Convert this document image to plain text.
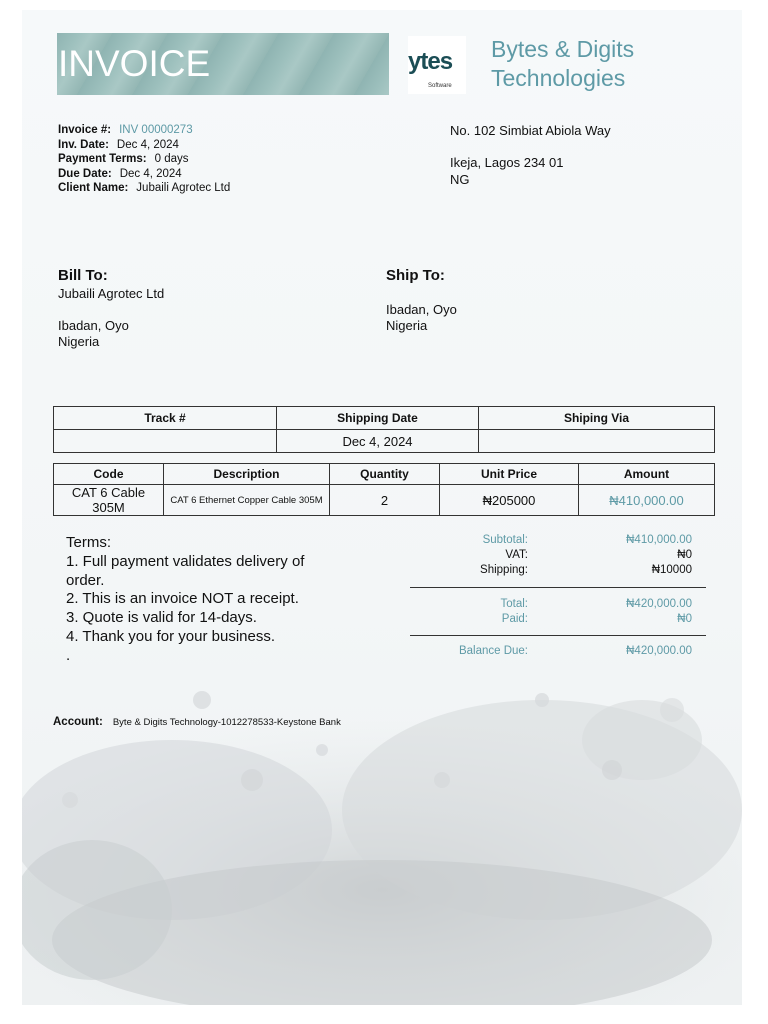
INVOICE	ytes
Software
Bytes & Digits
Technologies
Invoice #: INV 00000273
Inv. Date: Dec 4, 2024
Payment Terms: 0 days
Due Date: Dec 4, 2024
Client Name: Jubaili Agrotec Ltd
No. 102 Simbiat Abiola Way
Ikeja, Lagos 234 01
NG
Bill To:
Jubaili Agrotec Ltd
Ibadan, Oyo
Nigeria
Ship To:
Ibadan, Oyo
Nigeria
Track #	Shipping Date	Shiping Via
	Dec 4, 2024	
Code	Description	Quantity	Unit Price	Amount
CAT 6 Cable 305M	CAT 6 Ethernet Copper Cable 305M	2	₦205000	₦410,000.00
Terms:
1. Full payment validates delivery of order.
2. This is an invoice NOT a receipt.
3. Quote is valid for 14-days.
4. Thank you for your business.
.
Subtotal:	₦410,000.00
VAT:	₦0
Shipping:	₦10000
Total:	₦420,000.00
Paid:	₦0
Balance Due:	₦420,000.00
Account: Byte & Digits Technology-1012278533-Keystone Bank
